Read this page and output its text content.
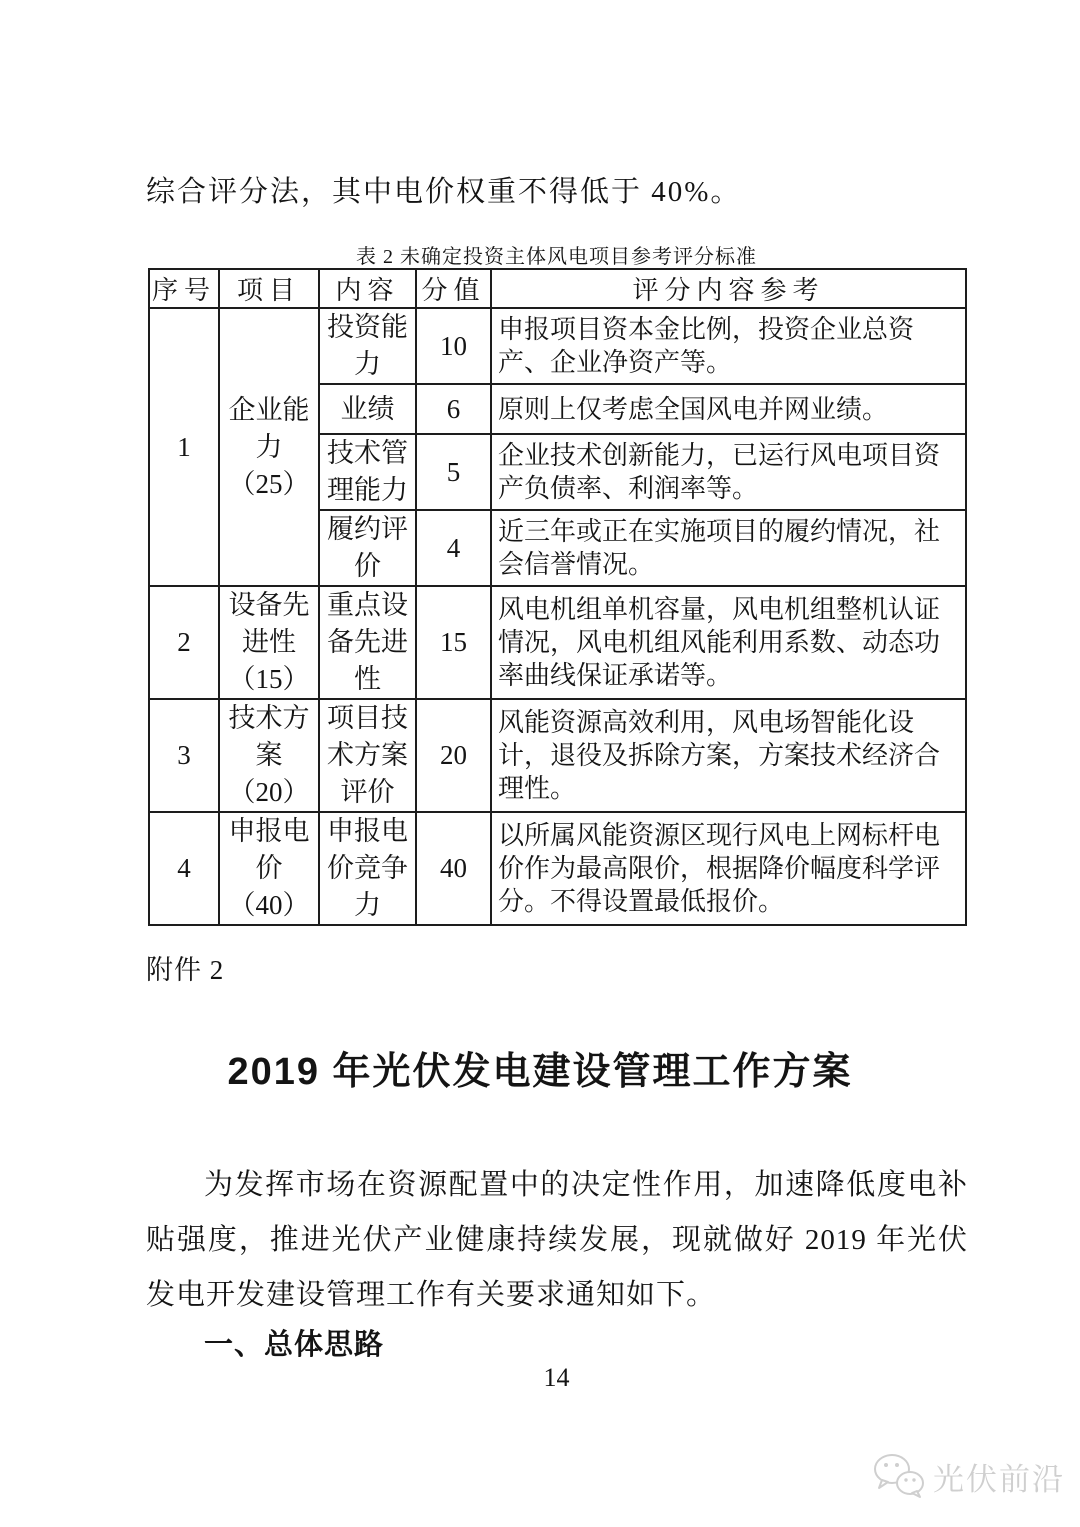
综合评分法，其中电价权重不得低于 40%。
表 2 未确定投资主体风电项目参考评分标准
序号	项目	内容	分值	评分内容参考
1	企业能力（25）	投资能力	10	申报项目资本金比例，投资企业总资产、企业净资产等。
		业绩	6	原则上仅考虑全国风电并网业绩。
		技术管理能力	5	企业技术创新能力，已运行风电项目资产负债率、利润率等。
		履约评价	4	近三年或正在实施项目的履约情况，社会信誉情况。
2	设备先进性（15）	重点设备先进性	15	风电机组单机容量，风电机组整机认证情况，风电机组风能利用系数、动态功率曲线保证承诺等。
3	技术方案（20）	项目技术方案评价	20	风能资源高效利用，风电场智能化设计，退役及拆除方案，方案技术经济合理性。
4	申报电价（40）	申报电价竞争力	40	以所属风能资源区现行风电上网标杆电价作为最高限价，根据降价幅度科学评分。不得设置最低报价。
附件 2
2019 年光伏发电建设管理工作方案

为发挥市场在资源配置中的决定性作用，加速降低度电补贴强度，推进光伏产业健康持续发展，现就做好 2019 年光伏发电开发建设管理工作有关要求通知如下。

一、总体思路
14
光伏前沿
